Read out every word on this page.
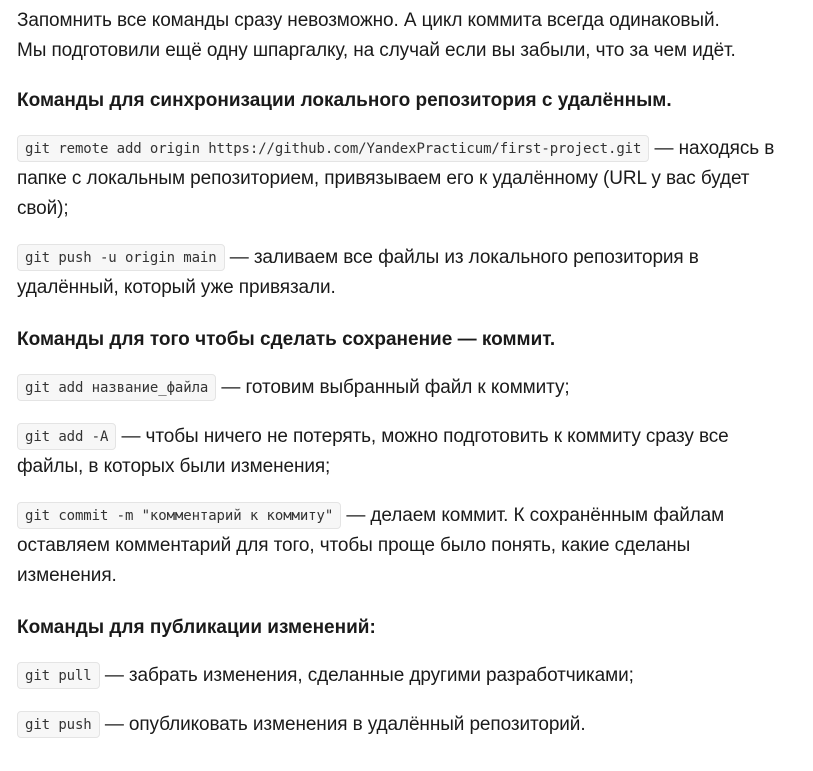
Запомнить все команды сразу невозможно. А цикл коммита всегда одинаковый.
Мы подготовили ещё одну шпаргалку, на случай если вы забыли, что за чем идёт.

Команды для синхронизации локального репозитория с удалённым.

git remote add origin https://github.com/YandexPracticum/first-project.git — находясь в папке с локальным репозиторием, привязываем его к удалённому (URL у вас будет свой);

git push -u origin main — заливаем все файлы из локального репозитория в удалённый, который уже привязали.

Команды для того чтобы сделать сохранение — коммит.

git add название_файла — готовим выбранный файл к коммиту;

git add -A — чтобы ничего не потерять, можно подготовить к коммиту сразу все файлы, в которых были изменения;

git commit -m "комментарий к коммиту" — делаем коммит. К сохранённым файлам оставляем комментарий для того, чтобы проще было понять, какие сделаны изменения.

Команды для публикации изменений:

git pull — забрать изменения, сделанные другими разработчиками;

git push — опубликовать изменения в удалённый репозиторий.
